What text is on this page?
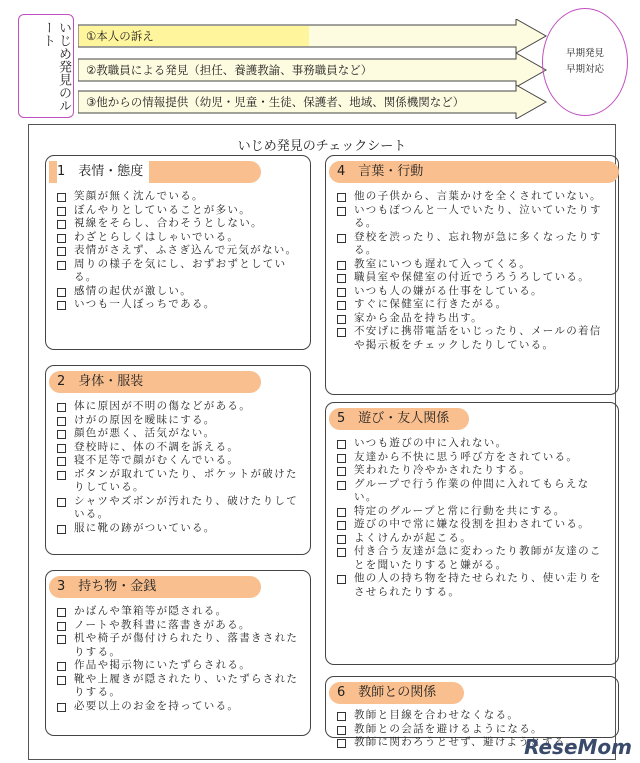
いじめ発見のルート	①本人の訴え
②教職員による発見（担任、養護教諭、事務職員など）
③他からの情報提供（幼児・児童・生徒、保護者、地域、関係機関など）
早期発見
早期対応
いじめ発見のチェックシート
1　表情・態度
笑顔が無く沈んでいる。
ぼんやりとしていることが多い。
視線をそらし、合わそうとしない。
わざとらしくはしゃいでいる。
表情がさえず、ふさぎ込んで元気がない。
周りの様子を気にし、おずおずとしている。
感情の起伏が激しい。
いつも一人ぼっちである。
2　身体・服装
体に原因が不明の傷などがある。
けがの原因を曖昧にする。
顔色が悪く、活気がない。
登校時に、体の不調を訴える。
寝不足等で顔がむくんでいる。
ボタンが取れていたり、ポケットが破けたりしている。
シャツやズボンが汚れたり、破けたりしている。
服に靴の跡がついている。
3　持ち物・金銭
かばんや筆箱等が隠される。
ノートや教科書に落書きがある。
机や椅子が傷付けられたり、落書きされたりする。
作品や掲示物にいたずらされる。
靴や上履きが隠されたり、いたずらされたりする。
必要以上のお金を持っている。
4　言葉・行動
他の子供から、言葉かけを全くされていない。
いつもぽつんと一人でいたり、泣いていたりする。
登校を渋ったり、忘れ物が急に多くなったりする。
教室にいつも遅れて入ってくる。
職員室や保健室の付近でうろうろしている。
いつも人の嫌がる仕事をしている。
すぐに保健室に行きたがる。
家から金品を持ち出す。
不安げに携帯電話をいじったり、メールの着信や掲示板をチェックしたりしている。
5　遊び・友人関係
いつも遊びの中に入れない。
友達から不快に思う呼び方をされている。
笑われたり冷やかされたりする。
グループで行う作業の仲間に入れてもらえない。
特定のグループと常に行動を共にする。
遊びの中で常に嫌な役割を担わされている。
よくけんかが起こる。
付き合う友達が急に変わったり教師が友達のことを聞いたりすると嫌がる。
他の人の持ち物を持たせられたり、使い走りをさせられたりする。
6　教師との関係
教師と目線を合わせなくなる。
教師との会話を避けるようになる。
教師に関わろうとせず、避けようとする。
ReseMom
